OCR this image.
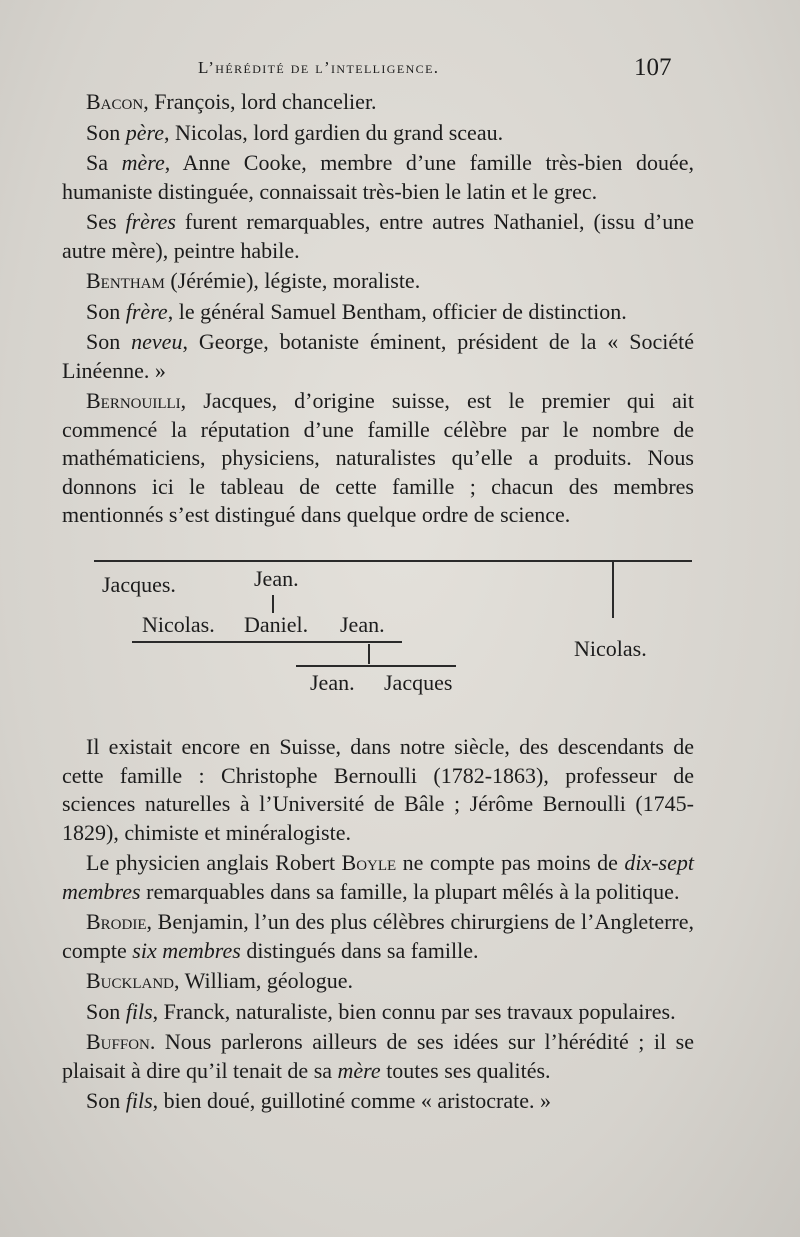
L’hérédité de l’intelligence.	107

Bacon, François, lord chancelier.

Son père, Nicolas, lord gardien du grand sceau.

Sa mère, Anne Cooke, membre d’une famille très-bien douée, humaniste distinguée, connaissait très-bien le latin et le grec.

Ses frères furent remarquables, entre autres Nathaniel, (issu d’une autre mère), peintre habile.

Bentham (Jérémie), légiste, moraliste.

Son frère, le général Samuel Bentham, officier de distinction.

Son neveu, George, botaniste éminent, président de la « Société Linéenne. »

Bernouilli, Jacques, d’origine suisse, est le premier qui ait commencé la réputation d’une famille célèbre par le nombre de mathématiciens, physiciens, naturalistes qu’elle a produits. Nous donnons ici le tableau de cette famille ; chacun des membres mentionnés s’est distingué dans quelque ordre de science.

Jacques.	Jean.
Nicolas. Daniel. Jean.
Nicolas.
Jean. Jacques

Il existait encore en Suisse, dans notre siècle, des descendants de cette famille : Christophe Bernoulli (1782-1863), professeur de sciences naturelles à l’Université de Bâle ; Jérôme Bernoulli (1745-1829), chimiste et minéralogiste.

Le physicien anglais Robert Boyle ne compte pas moins de dix-sept membres remarquables dans sa famille, la plupart mêlés à la politique.

Brodie, Benjamin, l’un des plus célèbres chirurgiens de l’Angleterre, compte six membres distingués dans sa famille.

Buckland, William, géologue.

Son fils, Franck, naturaliste, bien connu par ses travaux populaires.

Buffon. Nous parlerons ailleurs de ses idées sur l’hérédité ; il se plaisait à dire qu’il tenait de sa mère toutes ses qualités.

Son fils, bien doué, guillotiné comme « aristocrate. »
